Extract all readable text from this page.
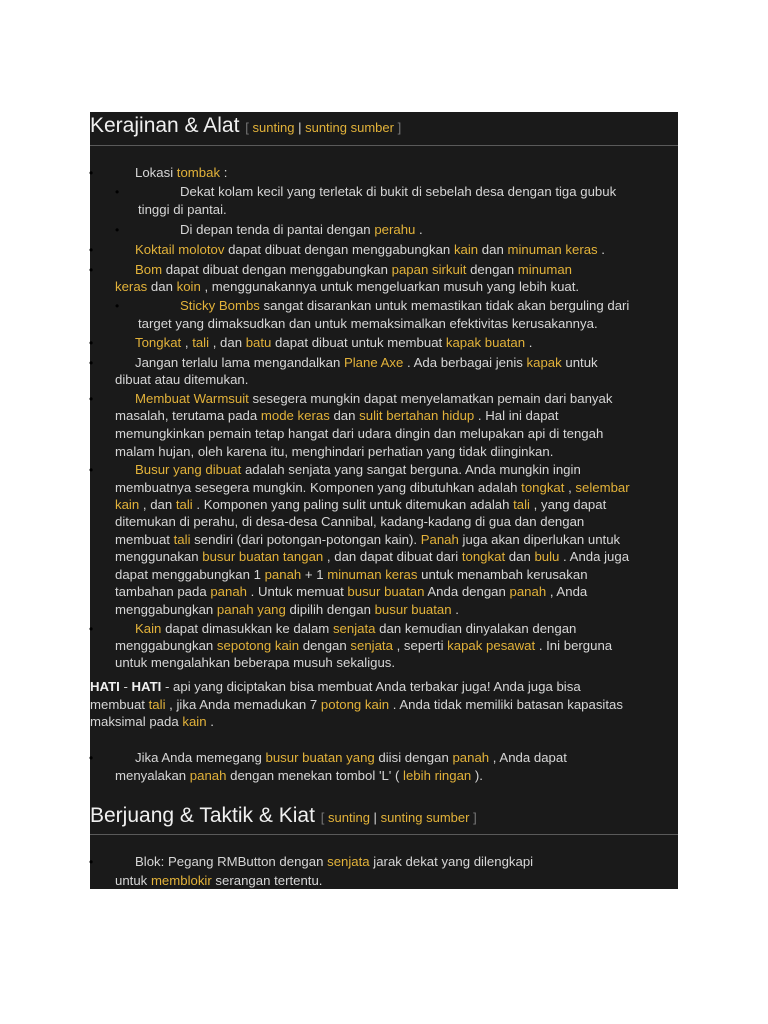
Kerajinan & Alat [ sunting | sunting sumber ]
Lokasi tombak :
Dekat kolam kecil yang terletak di bukit di sebelah desa dengan tiga gubuk
tinggi di pantai.
Di depan tenda di pantai dengan perahu .
Koktail molotov dapat dibuat dengan menggabungkan kain dan minuman keras .
Bom dapat dibuat dengan menggabungkan papan sirkuit dengan minuman
keras dan koin , menggunakannya untuk mengeluarkan musuh yang lebih kuat.
Sticky Bombs sangat disarankan untuk memastikan tidak akan berguling dari
target yang dimaksudkan dan untuk memaksimalkan efektivitas kerusakannya.
Tongkat , tali , dan batu dapat dibuat untuk membuat kapak buatan .
Jangan terlalu lama mengandalkan Plane Axe . Ada berbagai jenis kapak untuk
dibuat atau ditemukan.
Membuat Warmsuit sesegera mungkin dapat menyelamatkan pemain dari banyak
masalah, terutama pada mode keras dan sulit bertahan hidup . Hal ini dapat
memungkinkan pemain tetap hangat dari udara dingin dan melupakan api di tengah
malam hujan, oleh karena itu, menghindari perhatian yang tidak diinginkan.
Busur yang dibuat adalah senjata yang sangat berguna. Anda mungkin ingin
membuatnya sesegera mungkin. Komponen yang dibutuhkan adalah tongkat , selembar
kain , dan tali . Komponen yang paling sulit untuk ditemukan adalah tali , yang dapat
ditemukan di perahu, di desa-desa Cannibal, kadang-kadang di gua dan dengan
membuat tali sendiri (dari potongan-potongan kain). Panah juga akan diperlukan untuk
menggunakan busur buatan tangan , dan dapat dibuat dari tongkat dan bulu . Anda juga
dapat menggabungkan 1 panah + 1 minuman keras untuk menambah kerusakan
tambahan pada panah . Untuk memuat busur buatan Anda dengan panah , Anda
menggabungkan panah yang dipilih dengan busur buatan .
Kain dapat dimasukkan ke dalam senjata dan kemudian dinyalakan dengan
menggabungkan sepotong kain dengan senjata , seperti kapak pesawat . Ini berguna
untuk mengalahkan beberapa musuh sekaligus.
HATI - HATI - api yang diciptakan bisa membuat Anda terbakar juga! Anda juga bisa
membuat tali , jika Anda memadukan 7 potong kain . Anda tidak memiliki batasan kapasitas
maksimal pada kain .
Jika Anda memegang busur buatan yang diisi dengan panah , Anda dapat
menyalakan panah dengan menekan tombol 'L' ( lebih ringan ).
Berjuang & Taktik & Kiat [ sunting | sunting sumber ]
Blok: Pegang RMButton dengan senjata jarak dekat yang dilengkapi
untuk memblokir serangan tertentu.
•
•
•
•
•
•
•
•
•
•
•
•
•
